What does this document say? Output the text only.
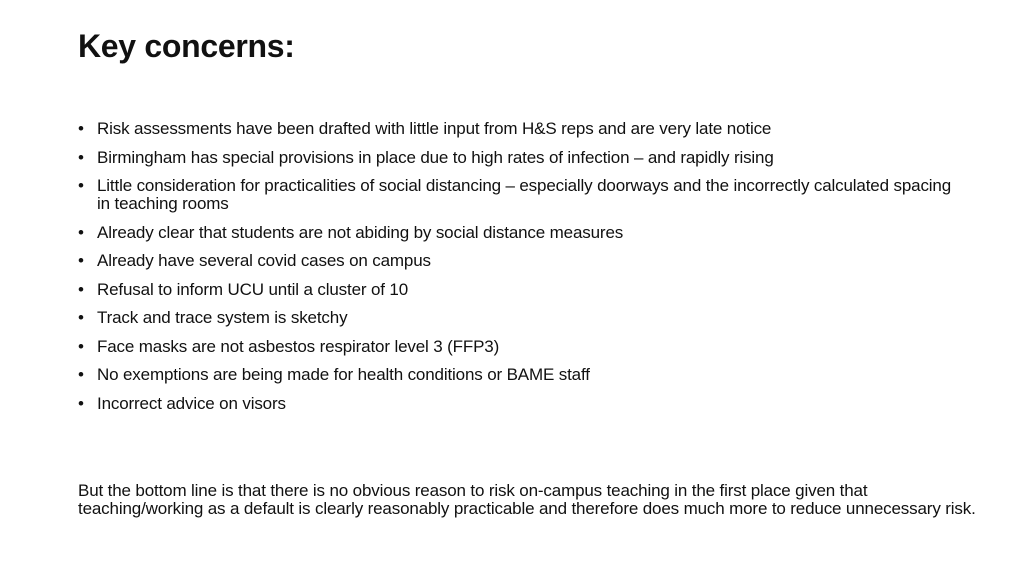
Key concerns:
• Risk assessments have been drafted with little input from H&S reps and are very late notice
• Birmingham has special provisions in place due to high rates of infection – and rapidly rising
• Little consideration for practicalities of social distancing – especially doorways and the incorrectly calculated spacing in teaching rooms
• Already clear that students are not abiding by social distance measures
• Already have several covid cases on campus
• Refusal to inform UCU until a cluster of 10
• Track and trace system is sketchy
• Face masks are not asbestos respirator level 3 (FFP3)
• No exemptions are being made for health conditions or BAME staff
• Incorrect advice on visors

But the bottom line is that there is no obvious reason to risk on-campus teaching in the first place given that teaching/working as a default is clearly reasonably practicable and therefore does much more to reduce unnecessary risk.
